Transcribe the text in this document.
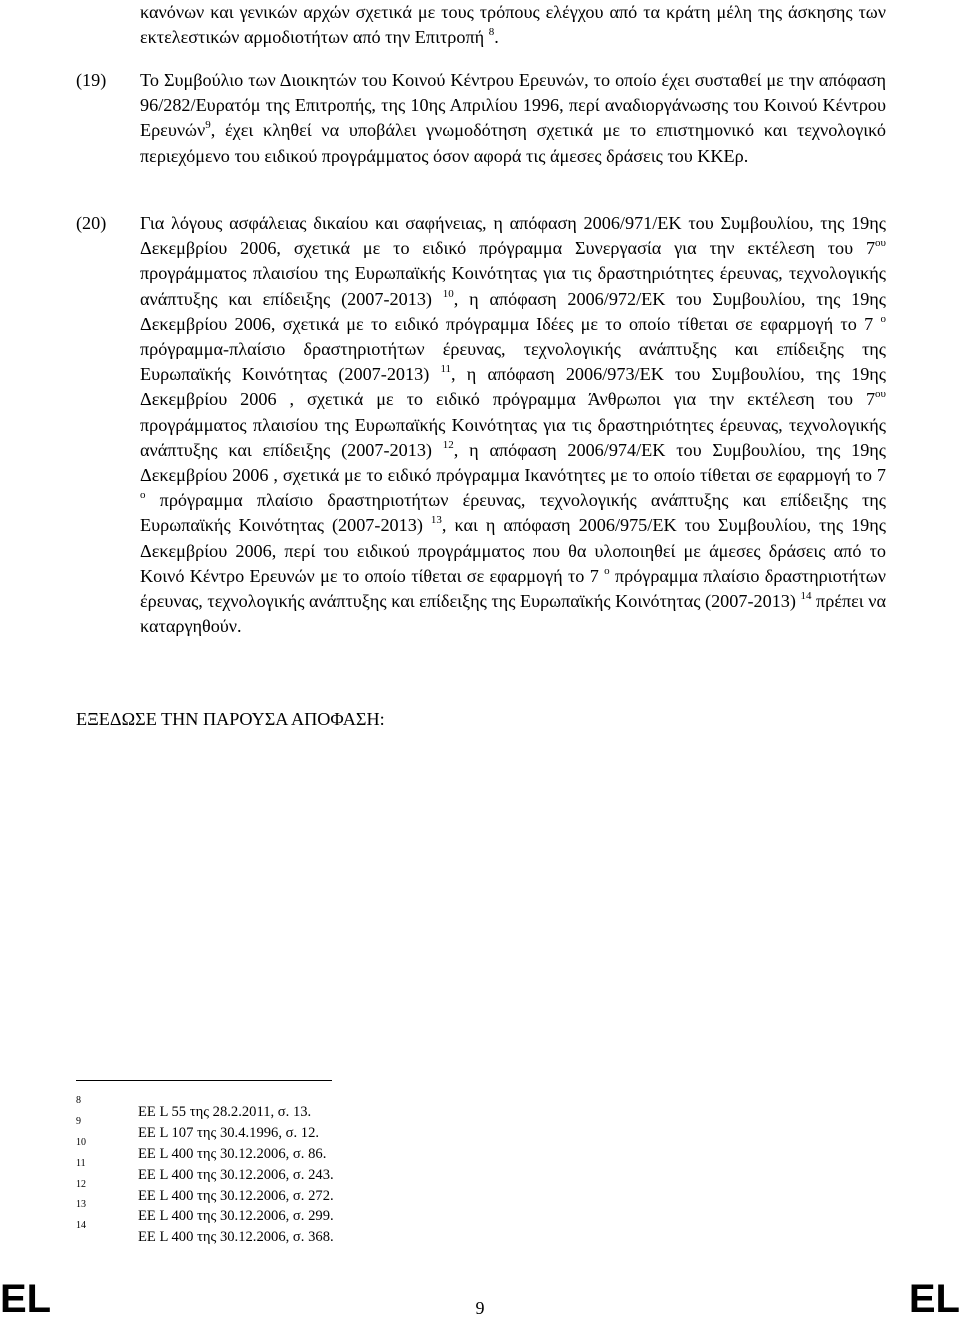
κανόνων και γενικών αρχών σχετικά με τους τρόπους ελέγχου από τα κράτη μέλη της άσκησης των εκτελεστικών αρμοδιοτήτων από την Επιτροπή $^8$.

(19) Το Συμβούλιο των Διοικητών του Κοινού Κέντρου Ερευνών, το οποίο έχει συσταθεί με την απόφαση 96/282/Ευρατόμ της Επιτροπής, της 10ης Απριλίου 1996, περί αναδιοργάνωσης του Κοινού Κέντρου Ερευνών$^9$, έχει κληθεί να υποβάλει γνωμοδότηση σχετικά με το επιστημονικό και τεχνολογικό περιεχόμενο του ειδικού προγράμματος όσον αφορά τις άμεσες δράσεις του ΚΚΕρ.

(20) Για λόγους ασφάλειας δικαίου και σαφήνειας, η απόφαση 2006/971/ΕΚ του Συμβουλίου, της 19ης Δεκεμβρίου 2006, σχετικά με το ειδικό πρόγραμμα Συνεργασία για την εκτέλεση του $7^{o\upsilon}$ προγράμματος πλαισίου της Ευρωπαϊκής Κοινότητας για τις δραστηριότητες έρευνας, τεχνολογικής ανάπτυξης και επίδειξης (2007-2013) $^{10}$, η απόφαση 2006/972/ΕΚ του Συμβουλίου, της 19ης Δεκεμβρίου 2006, σχετικά με το ειδικό πρόγραμμα Ιδέες με το οποίο τίθεται σε εφαρμογή το 7 $^o$ πρόγραμμα-πλαίσιο δραστηριοτήτων έρευνας, τεχνολογικής ανάπτυξης και επίδειξης της Ευρωπαϊκής Κοινότητας (2007-2013) $^{11}$, η απόφαση 2006/973/ΕΚ του Συμβουλίου, της 19ης Δεκεμβρίου 2006 , σχετικά με το ειδικό πρόγραμμα Άνθρωποι για την εκτέλεση του $7^{o\upsilon}$ προγράμματος πλαισίου της Ευρωπαϊκής Κοινότητας για τις δραστηριότητες έρευνας, τεχνολογικής ανάπτυξης και επίδειξης (2007-2013) $^{12}$, η απόφαση 2006/974/ΕΚ του Συμβουλίου, της 19ης Δεκεμβρίου 2006 , σχετικά με το ειδικό πρόγραμμα Ικανότητες με το οποίο τίθεται σε εφαρμογή το 7 $^o$ πρόγραμμα πλαίσιο δραστηριοτήτων έρευνας, τεχνολογικής ανάπτυξης και επίδειξης της Ευρωπαϊκής Κοινότητας (2007-2013) $^{13}$, και η απόφαση 2006/975/ΕΚ του Συμβουλίου, της 19ης Δεκεμβρίου 2006, περί του ειδικού προγράμματος που θα υλοποιηθεί με άμεσες δράσεις από το Κοινό Κέντρο Ερευνών με το οποίο τίθεται σε εφαρμογή το 7 $^o$ πρόγραμμα πλαίσιο δραστηριοτήτων έρευνας, τεχνολογικής ανάπτυξης και επίδειξης της Ευρωπαϊκής Κοινότητας (2007-2013) $^{14}$ πρέπει να καταργηθούν.

ΕΞΕΔΩΣΕ ΤΗΝ ΠΑΡΟΥΣΑ ΑΠΟΦΑΣΗ:
8
ΕΕ L 55 της 28.2.2011, σ. 13.
9
ΕΕ L 107 της 30.4.1996, σ. 12.
10
ΕΕ L 400 της 30.12.2006, σ. 86.
11
ΕΕ L 400 της 30.12.2006, σ. 243.
12
ΕΕ L 400 της 30.12.2006, σ. 272.
13
ΕΕ L 400 της 30.12.2006, σ. 299.
14
ΕΕ L 400 της 30.12.2006, σ. 368.
EL	9	EL
